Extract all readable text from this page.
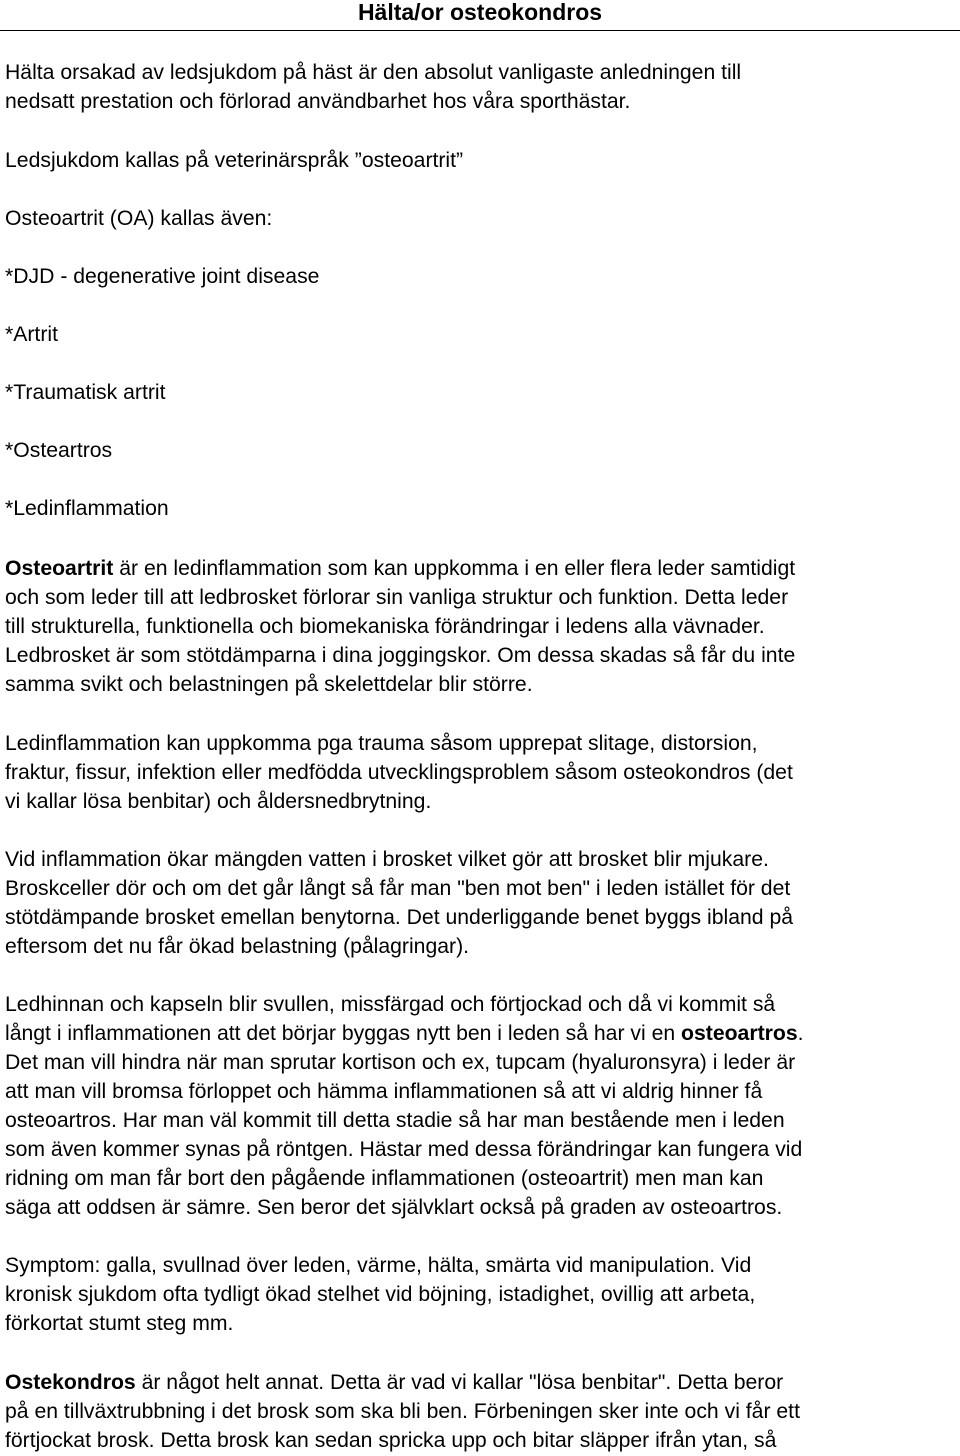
Hälta/or osteokondros

Hälta orsakad av ledsjukdom på häst är den absolut vanligaste anledningen till
nedsatt prestation och förlorad användbarhet hos våra sporthästar.

Ledsjukdom kallas på veterinärspråk ”osteoartrit”

Osteoartrit (OA) kallas även:

*DJD - degenerative joint disease

*Artrit

*Traumatisk artrit

*Osteartros

*Ledinflammation

Osteoartrit är en ledinflammation som kan uppkomma i en eller flera leder samtidigt
och som leder till att ledbrosket förlorar sin vanliga struktur och funktion. Detta leder
till strukturella, funktionella och biomekaniska förändringar i ledens alla vävnader.
Ledbrosket är som stötdämparna i dina joggingskor. Om dessa skadas så får du inte
samma svikt och belastningen på skelettdelar blir större.

Ledinflammation kan uppkomma pga trauma såsom upprepat slitage, distorsion,
fraktur, fissur, infektion eller medfödda utvecklingsproblem såsom osteokondros (det
vi kallar lösa benbitar) och åldersnedbrytning.

Vid inflammation ökar mängden vatten i brosket vilket gör att brosket blir mjukare.
Broskceller dör och om det går långt så får man "ben mot ben" i leden istället för det
stötdämpande brosket emellan benytorna. Det underliggande benet byggs ibland på
eftersom det nu får ökad belastning (pålagringar).

Ledhinnan och kapseln blir svullen, missfärgad och förtjockad och då vi kommit så
långt i inflammationen att det börjar byggas nytt ben i leden så har vi en osteoartros.
Det man vill hindra när man sprutar kortison och ex, tupcam (hyaluronsyra) i leder är
att man vill bromsa förloppet och hämma inflammationen så att vi aldrig hinner få
osteoartros. Har man väl kommit till detta stadie så har man bestående men i leden
som även kommer synas på röntgen. Hästar med dessa förändringar kan fungera vid
ridning om man får bort den pågående inflammationen (osteoartrit) men man kan
säga att oddsen är sämre. Sen beror det självklart också på graden av osteoartros.

Symptom: galla, svullnad över leden, värme, hälta, smärta vid manipulation. Vid
kronisk sjukdom ofta tydligt ökad stelhet vid böjning, istadighet, ovillig att arbeta,
förkortat stumt steg mm.

Ostekondros är något helt annat. Detta är vad vi kallar "lösa benbitar". Detta beror
på en tillväxtrubbning i det brosk som ska bli ben. Förbeningen sker inte och vi får ett
förtjockat brosk. Detta brosk kan sedan spricka upp och bitar släpper ifrån ytan, så
